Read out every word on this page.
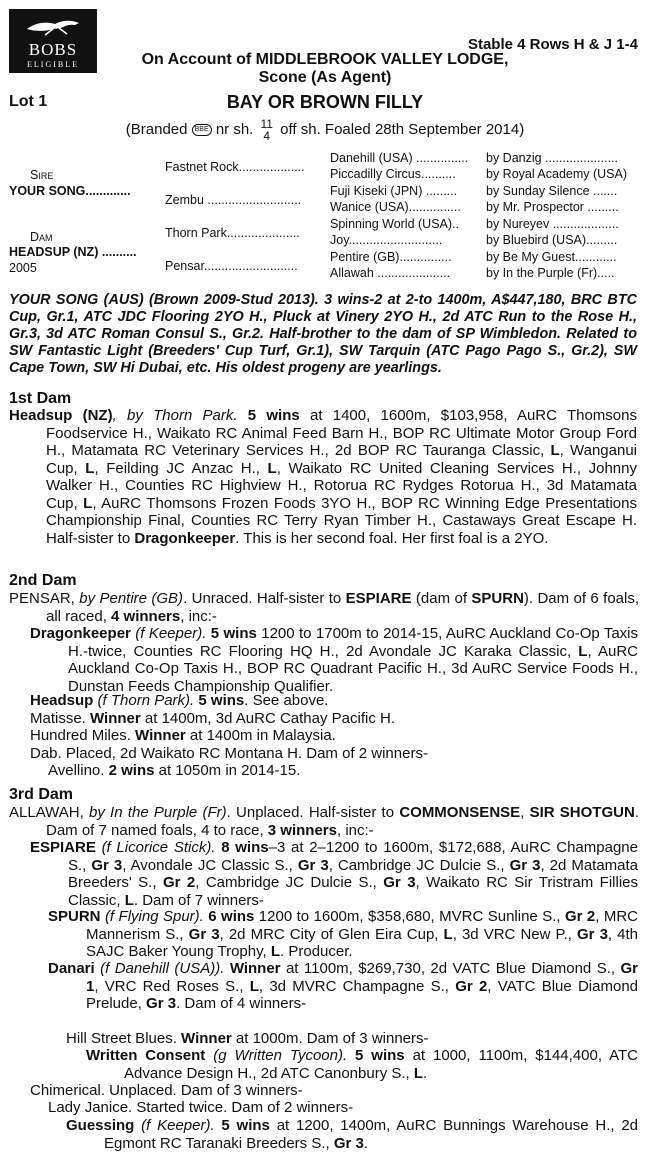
BOBS
ELIGIBLE
Stable 4 Rows H & J 1-4
On Account of MIDDLEBROOK VALLEY LODGE,
Scone (As Agent)
Lot 1	BAY OR BROWN FILLY
(Branded BBE nr sh. 11
4 off sh. Foaled 28th September 2014)
Sire
YOUR SONG.............
Dam
HEADSUP (NZ) ..........
2005
Fastnet Rock...................
Zembu ...........................
Thorn Park.....................
Pensar...........................
Danehill (USA) ...............
Piccadilly Circus..........
Fuji Kiseki (JPN) .........
Wanice (USA)...............
Spinning World (USA)..
Joy...........................
Pentire (GB)...............
Allawah .....................
by Danzig .....................
by Royal Academy (USA)
by Sunday Silence .......
by Mr. Prospector .........
by Nureyev ...................
by Bluebird (USA).........
by Be My Guest............
by In the Purple (Fr).....
YOUR SONG (AUS) (Brown 2009-Stud 2013). 3 wins-2 at 2-to 1400m, A$447,180, BRC BTC Cup, Gr.1, ATC JDC Flooring 2YO H., Pluck at Vinery 2YO H., 2d ATC Run to the Rose H., Gr.3, 3d ATC Roman Consul S., Gr.2. Half-brother to the dam of SP Wimbledon. Related to SW Fantastic Light (Breeders' Cup Turf, Gr.1), SW Tarquin (ATC Pago Pago S., Gr.2), SW Cape Town, SW Hi Dubai, etc. His oldest progeny are yearlings.
1st Dam
Headsup (NZ), by Thorn Park. 5 wins at 1400, 1600m, $103,958, AuRC Thomsons Foodservice H., Waikato RC Animal Feed Barn H., BOP RC Ultimate Motor Group Ford H., Matamata RC Veterinary Services H., 2d BOP RC Tauranga Classic, L, Wanganui Cup, L, Feilding JC Anzac H., L, Waikato RC United Cleaning Services H., Johnny Walker H., Counties RC Highview H., Rotorua RC Rydges Rotorua H., 3d Matamata Cup, L, AuRC Thomsons Frozen Foods 3YO H., BOP RC Winning Edge Presentations Championship Final, Counties RC Terry Ryan Timber H., Castaways Great Escape H. Half-sister to Dragonkeeper. This is her second foal. Her first foal is a 2YO.
2nd Dam
PENSAR, by Pentire (GB). Unraced. Half-sister to ESPIARE (dam of SPURN). Dam of 6 foals, all raced, 4 winners, inc:-
Dragonkeeper (f Keeper). 5 wins 1200 to 1700m to 2014-15, AuRC Auckland Co-Op Taxis H.-twice, Counties RC Flooring HQ H., 2d Avondale JC Karaka Classic, L, AuRC Auckland Co-Op Taxis H., BOP RC Quadrant Pacific H., 3d AuRC Service Foods H., Dunstan Feeds Championship Qualifier.
Headsup (f Thorn Park). 5 wins. See above.
Matisse. Winner at 1400m, 3d AuRC Cathay Pacific H.
Hundred Miles. Winner at 1400m in Malaysia.
Dab. Placed, 2d Waikato RC Montana H. Dam of 2 winners-
Avellino. 2 wins at 1050m in 2014-15.
3rd Dam
ALLAWAH, by In the Purple (Fr). Unplaced. Half-sister to COMMONSENSE, SIR SHOTGUN. Dam of 7 named foals, 4 to race, 3 winners, inc:-
ESPIARE (f Licorice Stick). 8 wins–3 at 2–1200 to 1600m, $172,688, AuRC Champagne S., Gr 3, Avondale JC Classic S., Gr 3, Cambridge JC Dulcie S., Gr 3, 2d Matamata Breeders' S., Gr 2, Cambridge JC Dulcie S., Gr 3, Waikato RC Sir Tristram Fillies Classic, L. Dam of 7 winners-
SPURN (f Flying Spur). 6 wins 1200 to 1600m, $358,680, MVRC Sunline S., Gr 2, MRC Mannerism S., Gr 3, 2d MRC City of Glen Eira Cup, L, 3d VRC New P., Gr 3, 4th SAJC Baker Young Trophy, L. Producer.
Danari (f Danehill (USA)). Winner at 1100m, $269,730, 2d VATC Blue Diamond S., Gr 1, VRC Red Roses S., L, 3d MVRC Champagne S., Gr 2, VATC Blue Diamond Prelude, Gr 3. Dam of 4 winners-
Hill Street Blues. Winner at 1000m. Dam of 3 winners-
Written Consent (g Written Tycoon). 5 wins at 1000, 1100m, $144,400, ATC Advance Design H., 2d ATC Canonbury S., L.
Chimerical. Unplaced. Dam of 3 winners-
Lady Janice. Started twice. Dam of 2 winners-
Guessing (f Keeper). 5 wins at 1200, 1400m, AuRC Bunnings Warehouse H., 2d Egmont RC Taranaki Breeders S., Gr 3.
